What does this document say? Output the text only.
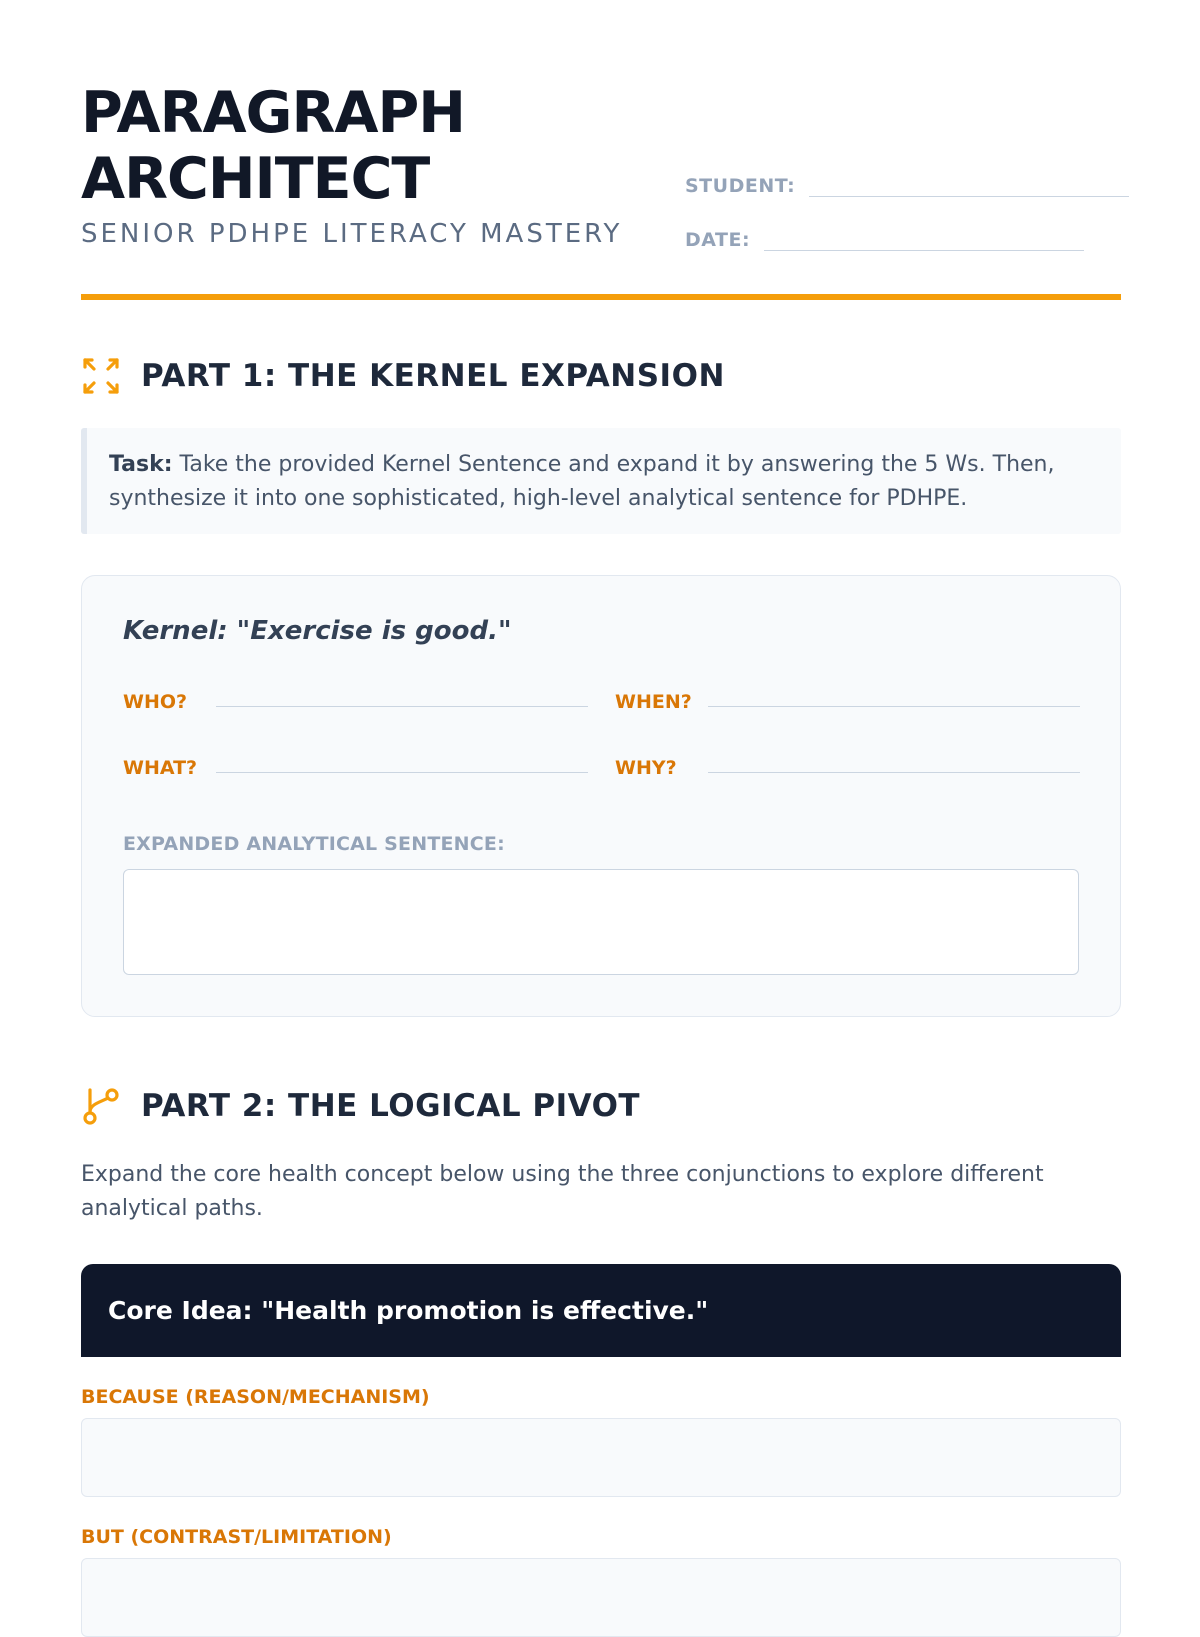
PARAGRAPH
ARCHITECT
SENIOR PDHPE LITERACY MASTERY
STUDENT:
DATE:
PART 1: THE KERNEL EXPANSION
Task: Take the provided Kernel Sentence and expand it by answering the 5 Ws. Then, synthesize it into one sophisticated, high-level analytical sentence for PDHPE.
Kernel: "Exercise is good."
WHO?	WHEN?
WHAT?	WHY?
EXPANDED ANALYTICAL SENTENCE:
PART 2: THE LOGICAL PIVOT
Expand the core health concept below using the three conjunctions to explore different analytical paths.
Core Idea: "Health promotion is effective."
BECAUSE (REASON/MECHANISM)
BUT (CONTRAST/LIMITATION)
